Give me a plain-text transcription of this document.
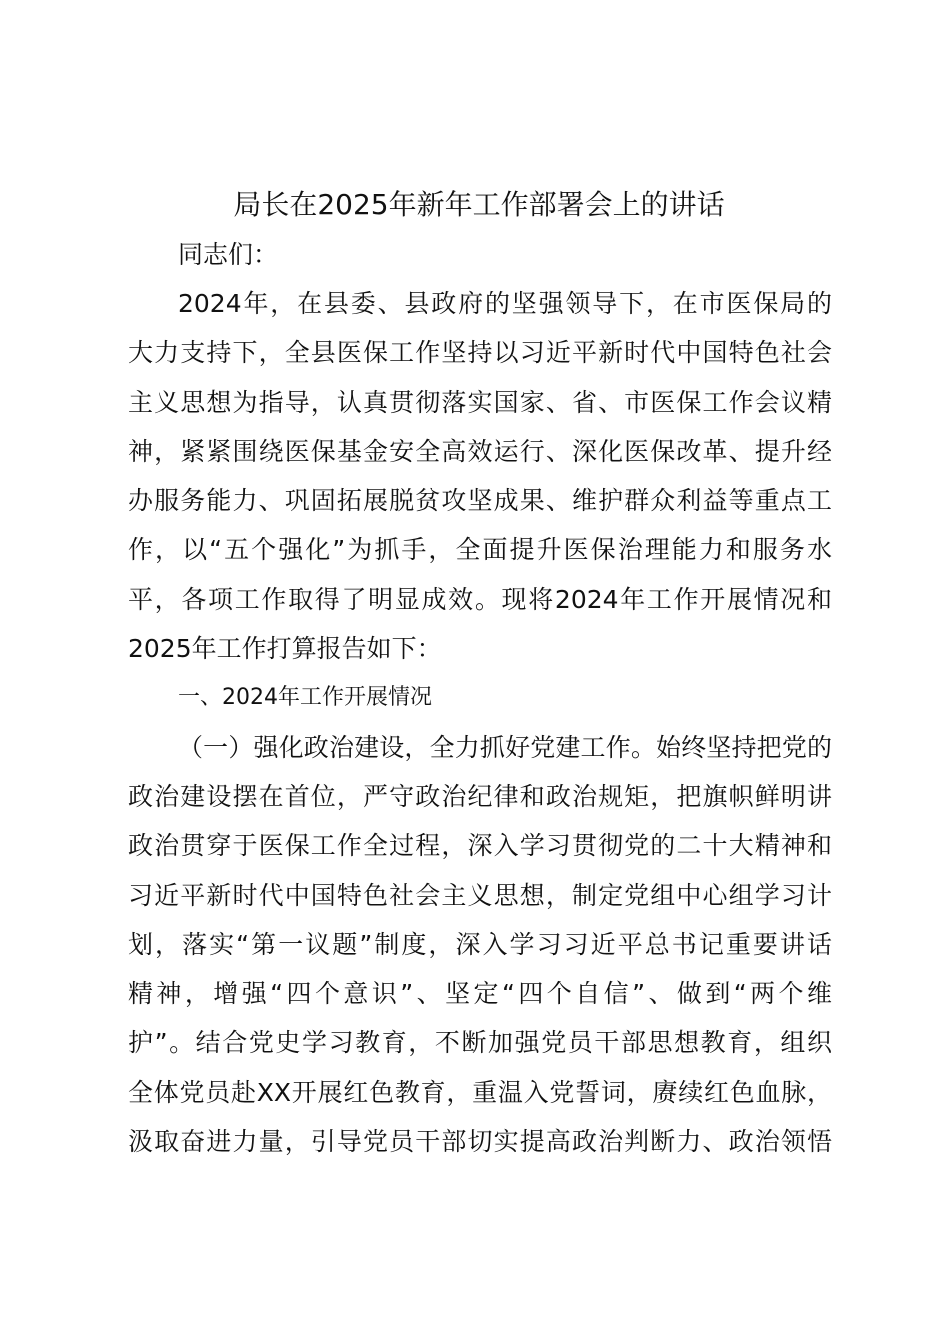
局长在2025年新年工作部署会上的讲话

同志们：

2024年，在县委、县政府的坚强领导下，在市医保局的
大力支持下，全县医保工作坚持以习近平新时代中国特色社会
主义思想为指导，认真贯彻落实国家、省、市医保工作会议精
神，紧紧围绕医保基金安全高效运行、深化医保改革、提升经
办服务能力、巩固拓展脱贫攻坚成果、维护群众利益等重点工
作，以“五个强化”为抓手，全面提升医保治理能力和服务水
平，各项工作取得了明显成效。现将2024年工作开展情况和
2025年工作打算报告如下：

一、2024年工作开展情况

（一）强化政治建设，全力抓好党建工作。始终坚持把党的
政治建设摆在首位，严守政治纪律和政治规矩，把旗帜鲜明讲
政治贯穿于医保工作全过程，深入学习贯彻党的二十大精神和
习近平新时代中国特色社会主义思想，制定党组中心组学习计
划，落实“第一议题”制度，深入学习习近平总书记重要讲话
精神，增强“四个意识”、坚定“四个自信”、做到“两个维
护”。结合党史学习教育，不断加强党员干部思想教育，组织
全体党员赴XX开展红色教育，重温入党誓词，赓续红色血脉，
汲取奋进力量，引导党员干部切实提高政治判断力、政治领悟
